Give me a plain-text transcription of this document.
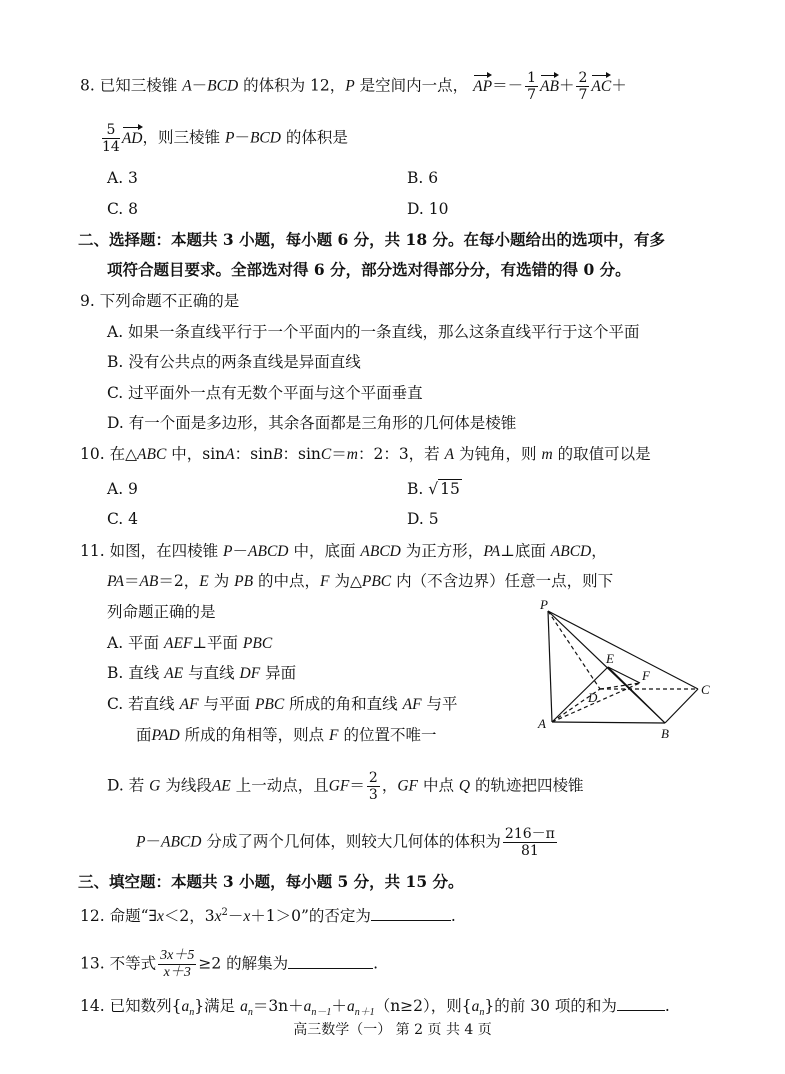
8. 已知三棱锥 A－BCD 的体积为 12，P 是空间内一点， $AP=- \frac{1}{7} AB+ \frac{2}{7} AC+$
$\frac{5}{14}$ AD，则三棱锥 P－BCD 的体积是
A. 3	B. 6
C. 8	D. 10
二、选择题：本题共 3 小题，每小题 6 分，共 18 分。在每小题给出的选项中，有多
项符合题目要求。全部选对得 6 分，部分选对得部分分，有选错的得 0 分。
9. 下列命题不正确的是
A. 如果一条直线平行于一个平面内的一条直线，那么这条直线平行于这个平面
B. 没有公共点的两条直线是异面直线
C. 过平面外一点有无数个平面与这个平面垂直
D. 有一个面是多边形，其余各面都是三角形的几何体是棱锥
10. 在△ABC 中，sinA：sinB：sinC＝m：2：3，若 A 为钝角，则 m 的取值可以是
A. 9	B. √ 15
C. 4	D. 5
11. 如图，在四棱锥 P－ABCD 中，底面 ABCD 为正方形，PA⊥底面 ABCD，
PA＝AB＝2，E 为 PB 的中点，F 为△PBC 内（不含边界）任意一点，则下
列命题正确的是
A. 平面 AEF⊥平面 PBC
B. 直线 AE 与直线 DF 异面
C. 若直线 AF 与平面 PBC 所成的角和直线 AF 与平
面PAD 所成的角相等，则点 F 的位置不唯一
D. 若 G 为线段AE 上一动点，且$GF= \frac{2}{3}$ ，GF 中点 Q 的轨迹把四棱锥
P－ABCD 分成了两个几何体，则较大几何体的体积为 $\frac{216-\pi}{81}$
P
A
B
C
D
E
F
三、填空题：本题共 3 小题，每小题 5 分，共 15 分。
12. 命题“∃x＜2，$3x^2-x+1>0$”的否定为	.
13. 不等式 $\frac{3x+5}{x+3} \ge 2$ 的解集为	.
14. 已知数列$\{a_n\}$满足 $a_n=3n+a_{n-1}+a_{n+1}(n\ge 2)$，则$\{a_n\}$的前 30 项的和为	.
高三数学（一） 第 2 页 共 4 页
